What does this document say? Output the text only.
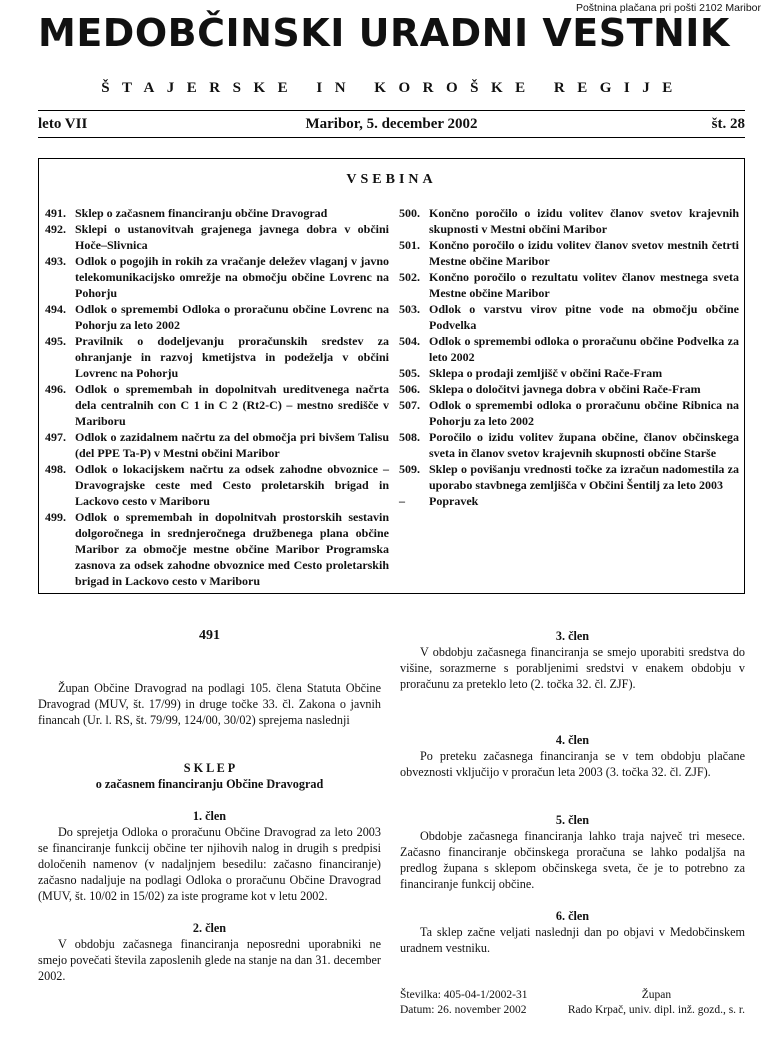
Poštnina plačana pri pošti 2102 Maribor
MEDOBČINSKI URADNI VESTNIK
ŠTAJERSKE IN KOROŠKE REGIJE
leto VII	Maribor, 5. december 2002	št. 28
VSEBINA
491. Sklep o začasnem financiranju občine Dravograd
492. Sklepi o ustanovitvah grajenega javnega dobra v občini Hoče–Slivnica
493. Odlok o pogojih in rokih za vračanje deležev vlaganj v javno telekomunikacijsko omrežje na območju občine Lovrenc na Pohorju
494. Odlok o spremembi Odloka o proračunu občine Lovrenc na Pohorju za leto 2002
495. Pravilnik o dodeljevanju proračunskih sredstev za ohranjanje in razvoj kmetijstva in podeželja v občini Lovrenc na Pohorju
496. Odlok o spremembah in dopolnitvah ureditvenega načrta dela centralnih con C 1 in C 2 (Rt2-C) – mestno središče v Mariboru
497. Odlok o zazidalnem načrtu za del območja pri bivšem Talisu (del PPE Ta-P) v Mestni občini Maribor
498. Odlok o lokacijskem načrtu za odsek zahodne obvoznice – Dravograjske ceste med Cesto proletarskih brigad in Lackovo cesto v Mariboru
499. Odlok o spremembah in dopolnitvah prostorskih sestavin dolgoročnega in srednjeročnega družbenega plana občine Maribor za območje mestne občine Maribor Programska zasnova za odsek zahodne obvoznice med Cesto proletarskih brigad in Lackovo cesto v Mariboru
500. Končno poročilo o izidu volitev članov svetov krajevnih skupnosti v Mestni občini Maribor
501. Končno poročilo o izidu volitev članov svetov mestnih četrti Mestne občine Maribor
502. Končno poročilo o rezultatu volitev članov mestnega sveta Mestne občine Maribor
503. Odlok o varstvu virov pitne vode na območju občine Podvelka
504. Odlok o spremembi odloka o proračunu občine Podvelka za leto 2002
505. Sklepa o prodaji zemljišč v občini Rače-Fram
506. Sklepa o določitvi javnega dobra v občini Rače-Fram
507. Odlok o spremembi odloka o proračunu občine Ribnica na Pohorju za leto 2002
508. Poročilo o izidu volitev župana občine, članov občinskega sveta in članov svetov krajevnih skupnosti občine Starše
509. Sklep o povišanju vrednosti točke za izračun nadomestila za uporabo stavbnega zemljišča v Občini Šentilj za leto 2003
–	Popravek
491
Župan Občine Dravograd na podlagi 105. člena Statuta Občine Dravograd (MUV, št. 17/99) in druge točke 33. čl. Zakona o javnih financah (Ur. l. RS, št. 79/99, 124/00, 30/02) sprejema naslednji
S K L E P
o začasnem financiranju Občine Dravograd
1. člen
Do sprejetja Odloka o proračunu Občine Dravograd za leto 2003 se financiranje funkcij občine ter njihovih nalog in drugih s predpisi določenih namenov (v nadaljnjem besedilu: začasno financiranje) začasno nadaljuje na podlagi Odloka o proračunu Občine Dravograd (MUV, št. 10/02 in 15/02) za iste programe kot v letu 2002.
2. člen
V obdobju začasnega financiranja neposredni uporabniki ne smejo povečati števila zaposlenih glede na stanje na dan 31. december 2002.
3. člen
V obdobju začasnega financiranja se smejo uporabiti sredstva do višine, sorazmerne s porabljenimi sredstvi v enakem obdobju v proračunu za preteklo leto (2. točka 32. čl. ZJF).
4. člen
Po preteku začasnega financiranja se v tem obdobju plačane obveznosti vključijo v proračun leta 2003 (3. točka 32. čl. ZJF).
5. člen
Obdobje začasnega financiranja lahko traja največ tri mesece. Začasno financiranje občinskega proračuna se lahko podaljša na predlog župana s sklepom občinskega sveta, če je to potrebno za financiranje funkcij občine.
6. člen
Ta sklep začne veljati naslednji dan po objavi v Medobčinskem uradnem vestniku.
Številka: 405-04-1/2002-31
Datum: 26. november 2002
Župan
Rado Krpač, univ. dipl. inž. gozd., s. r.
